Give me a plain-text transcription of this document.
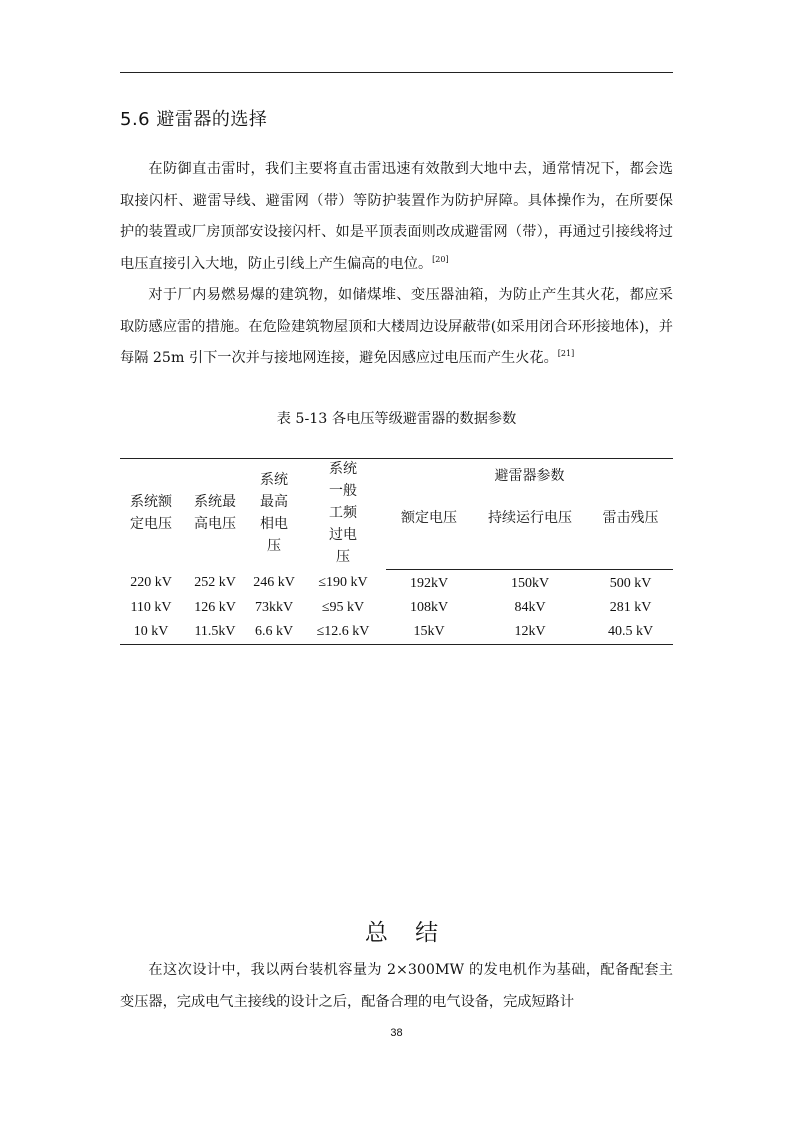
5.6 避雷器的选择

在防御直击雷时，我们主要将直击雷迅速有效散到大地中去，通常情况下，都会选取接闪杆、避雷导线、避雷网（带）等防护装置作为防护屏障。具体操作为，在所要保护的装置或厂房顶部安设接闪杆、如是平顶表面则改成避雷网（带），再通过引接线将过电压直接引入大地，防止引线上产生偏高的电位。[20]

对于厂内易燃易爆的建筑物，如储煤堆、变压器油箱，为防止产生其火花，都应采取防感应雷的措施。在危险建筑物屋顶和大楼周边设屏蔽带(如采用闭合环形接地体)，并每隔 25m 引下一次并与接地网连接，避免因感应过电压而产生火花。[21]

表 5-13 各电压等级避雷器的数据参数
系统额定电压	系统最高电压	系统最高相电压	系统一般工频过电压	避雷器参数		
				额定电压	持续运行电压	雷击残压
220 kV	252 kV	246 kV	≤190 kV	192kV	150kV	500 kV
110 kV	126 kV	73kkV	≤95 kV	108kV	84kV	281 kV
10 kV	11.5kV	6.6 kV	≤12.6 kV	15kV	12kV	40.5 kV
总 结

在这次设计中，我以两台装机容量为 2×300MW 的发电机作为基础，配备配套主变压器，完成电气主接线的设计之后，配备合理的电气设备，完成短路计

38
